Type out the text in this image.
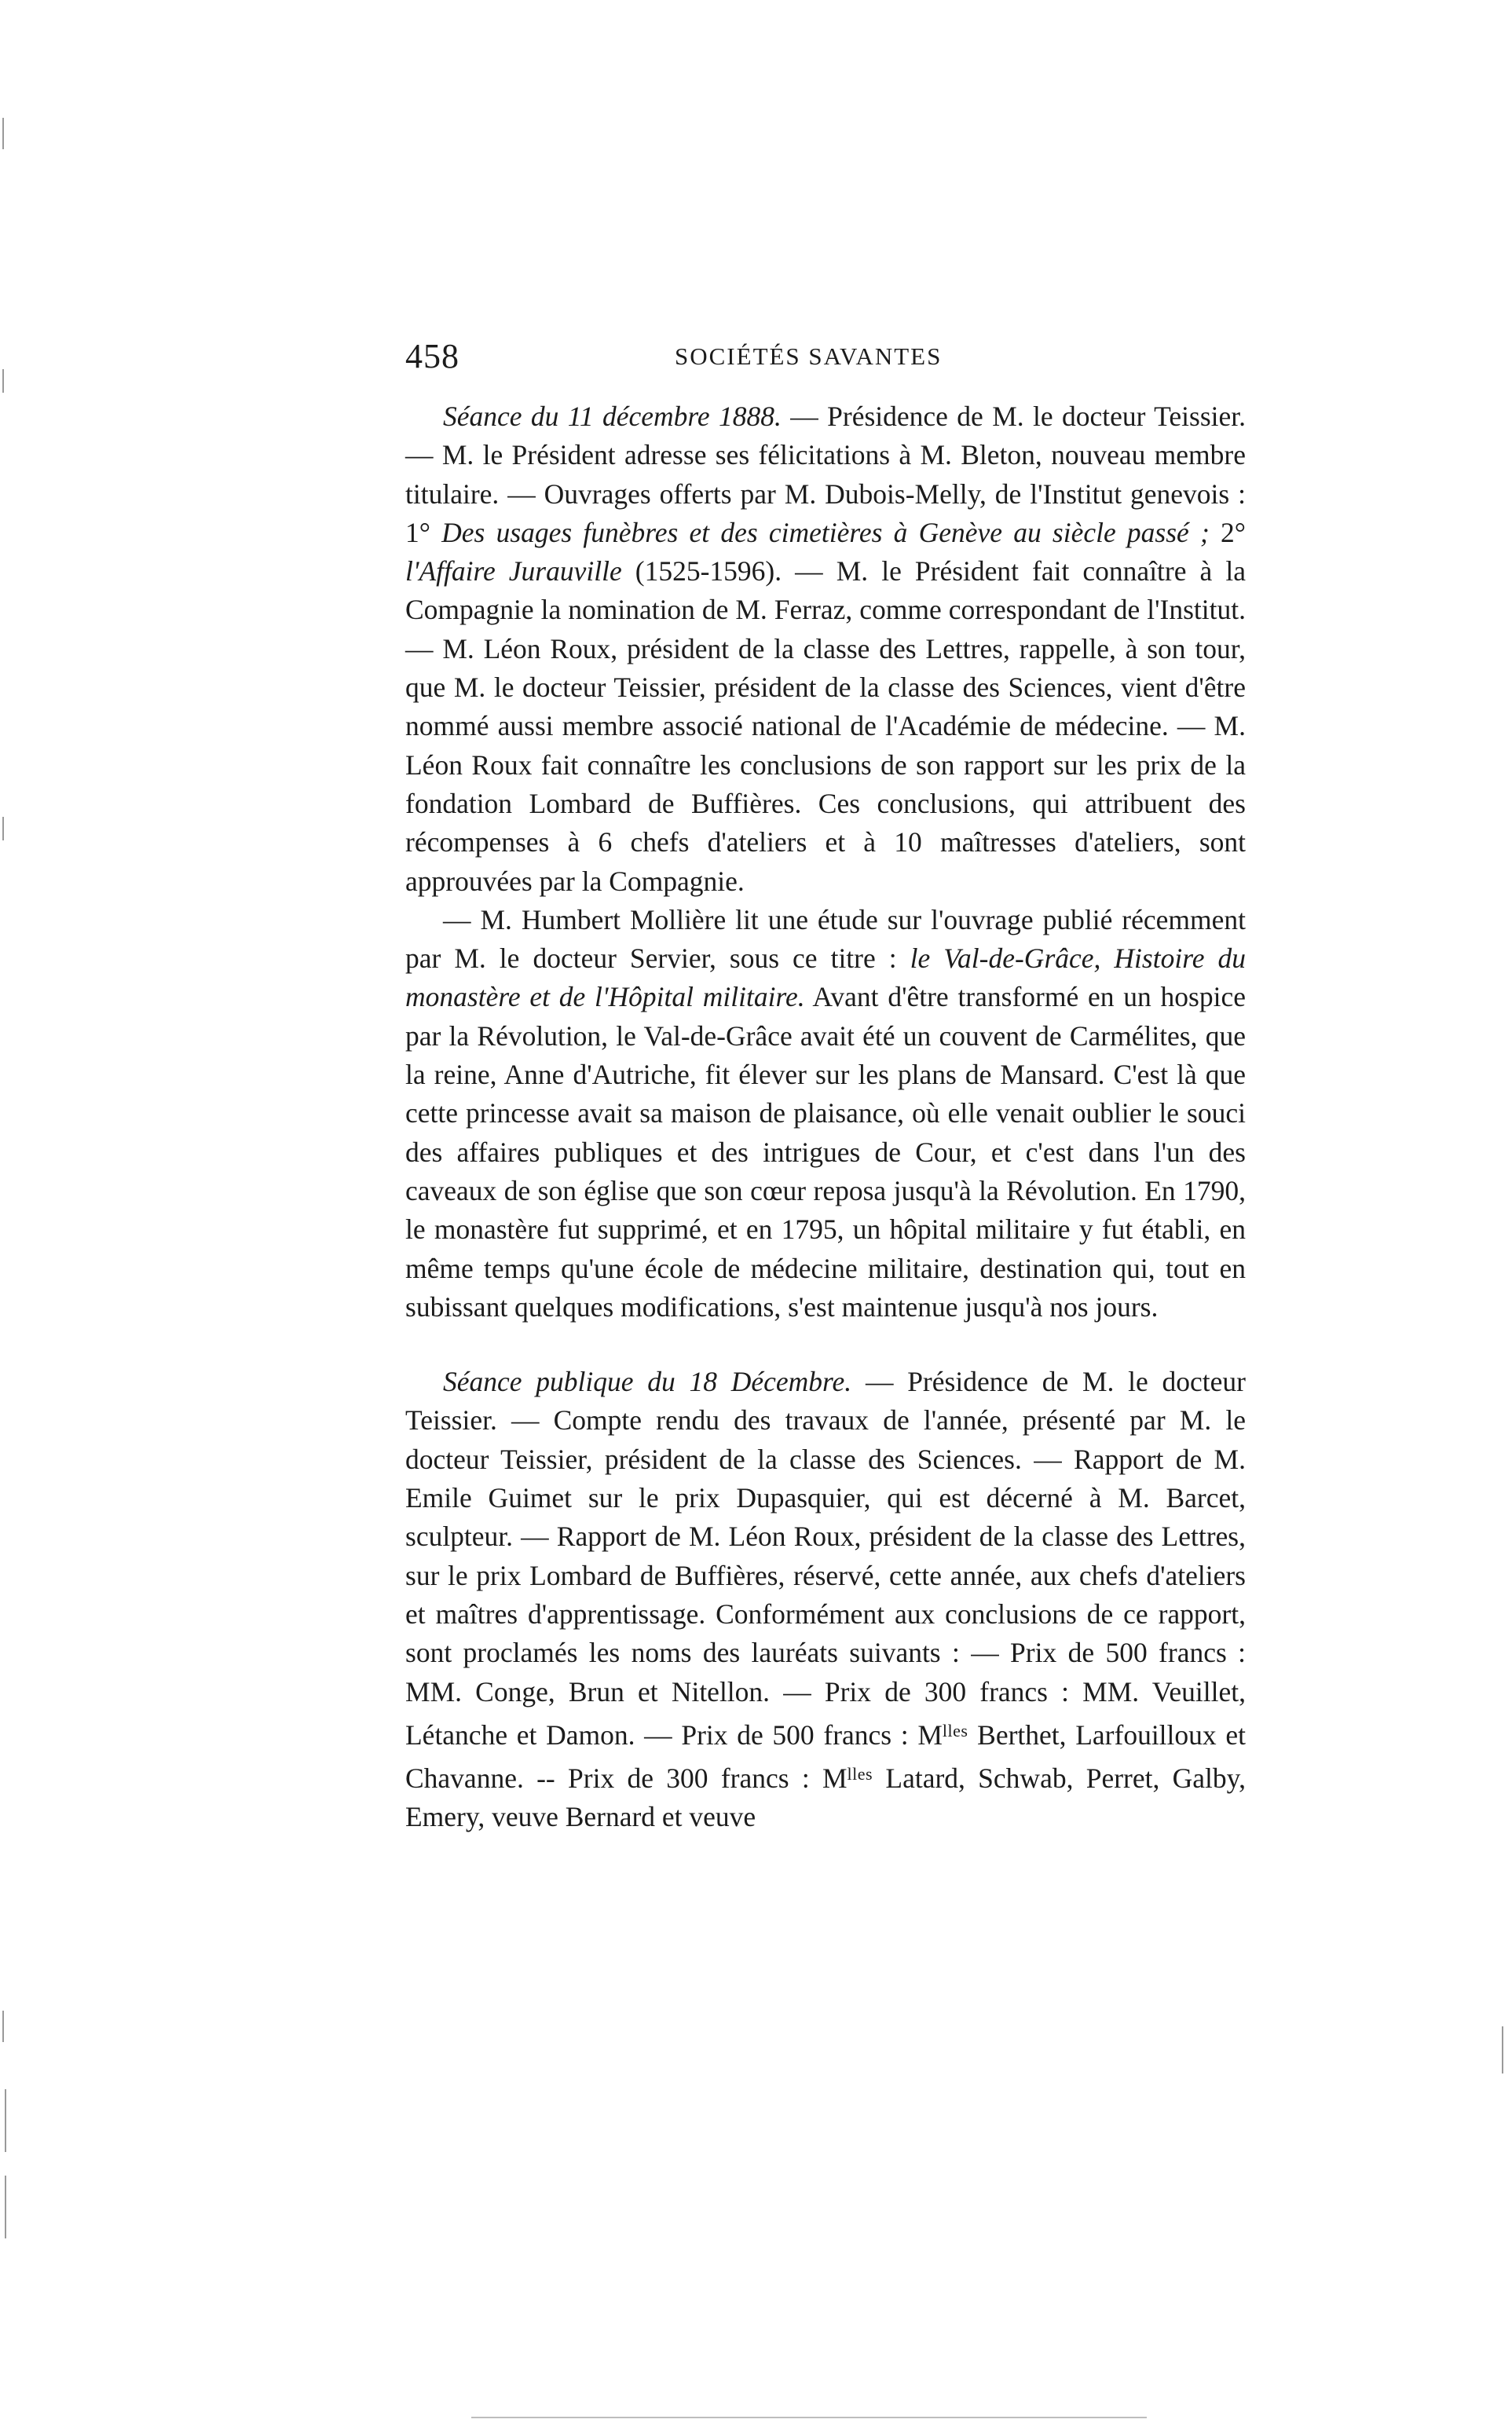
458	SOCIÉTÉS SAVANTES

Séance du 11 décembre 1888. — Présidence de M. le docteur Teissier. — M. le Président adresse ses félicitations à M. Bleton, nouveau membre titulaire. — Ouvrages offerts par M. Dubois-Melly, de l'Institut genevois : 1° Des usages funèbres et des cimetières à Genève au siècle passé ; 2° l'Affaire Jurauville (1525-1596). — M. le Président fait connaître à la Compagnie la nomination de M. Ferraz, comme correspondant de l'Institut. — M. Léon Roux, président de la classe des Lettres, rappelle, à son tour, que M. le docteur Teissier, président de la classe des Sciences, vient d'être nommé aussi membre associé national de l'Académie de médecine. — M. Léon Roux fait connaître les conclusions de son rapport sur les prix de la fondation Lombard de Buffières. Ces conclusions, qui attribuent des récompenses à 6 chefs d'ateliers et à 10 maîtresses d'ateliers, sont approuvées par la Compagnie.

— M. Humbert Mollière lit une étude sur l'ouvrage publié récemment par M. le docteur Servier, sous ce titre : le Val-de-Grâce, Histoire du monastère et de l'Hôpital militaire. Avant d'être transformé en un hospice par la Révolution, le Val-de-Grâce avait été un couvent de Carmélites, que la reine, Anne d'Autriche, fit élever sur les plans de Mansard. C'est là que cette princesse avait sa maison de plaisance, où elle venait oublier le souci des affaires publiques et des intrigues de Cour, et c'est dans l'un des caveaux de son église que son cœur reposa jusqu'à la Révolution. En 1790, le monastère fut supprimé, et en 1795, un hôpital militaire y fut établi, en même temps qu'une école de médecine militaire, destination qui, tout en subissant quelques modifications, s'est maintenue jusqu'à nos jours.

Séance publique du 18 Décembre. — Présidence de M. le docteur Teissier. — Compte rendu des travaux de l'année, présenté par M. le docteur Teissier, président de la classe des Sciences. — Rapport de M. Emile Guimet sur le prix Dupasquier, qui est décerné à M. Barcet, sculpteur. — Rapport de M. Léon Roux, président de la classe des Lettres, sur le prix Lombard de Buffières, réservé, cette année, aux chefs d'ateliers et maîtres d'apprentissage. Conformément aux conclusions de ce rapport, sont proclamés les noms des lauréats suivants : — Prix de 500 francs : MM. Conge, Brun et Nitellon. — Prix de 300 francs : MM. Veuillet, Létanche et Damon. — Prix de 500 francs : $M^{lles}$ Berthet, Larfouilloux et Chavanne. -- Prix de 300 francs : $M^{lles}$ Latard, Schwab, Perret, Galby, Emery, veuve Bernard et veuve
